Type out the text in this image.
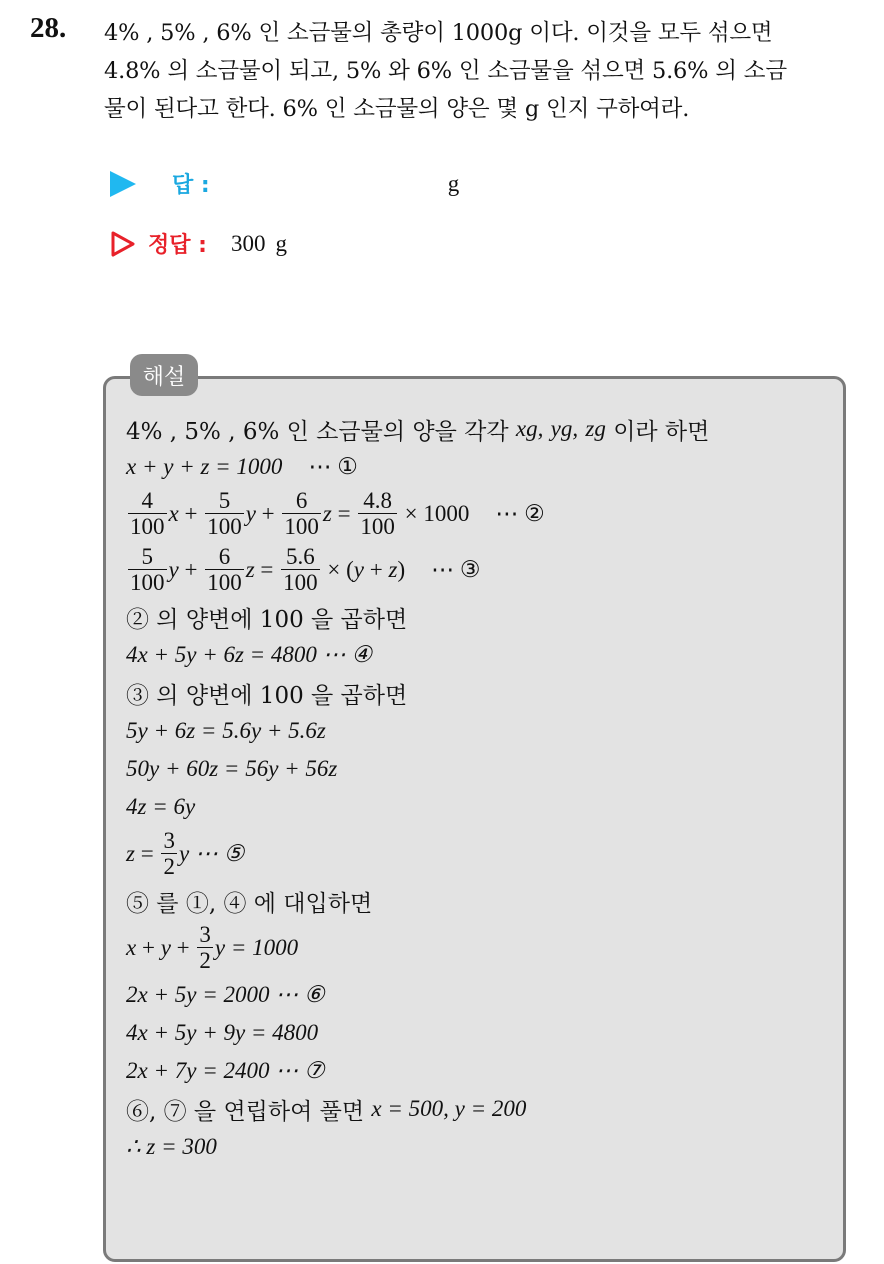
28. 4% , 5% , 6% 인 소금물의 총량이 1000g 이다. 이것을 모두 섞으면
4.8% 의 소금물이 되고, 5% 와 6% 인 소금물을 섞으면 5.6% 의 소금
물이 된다고 한다. 6% 인 소금물의 양은 몇 g 인지 구하여라.
답 :	g
정답 : 300 g
해설
4% , 5% , 6% 인 소금물의 양을 각각
xg,
yg,
zg
이라 하면
x + y + z = 1000 ⋯ ①
$\frac{4}{100}$ $x + \frac{5}{100}$ $y + \frac{6}{100}$ $z = \frac{4.8}{100} \times 1000$ ⋯ ②
$\frac{5}{100}$ $y + \frac{6}{100}$ $z = \frac{5.6}{100}$ × ( y + z ) ⋯ ③
② 의 양변에 100 을 곱하면
4x + 5y + 6z = 4800 ⋯ ④
③ 의 양변에 100 을 곱하면
5y + 6z = 5.6y + 5.6z
50y + 60z = 56y + 56z
4z = 6y
$z = \frac{3}{2}$ y ⋯ ⑤
⑤ 를 ①, ④ 에 대입하면
$x + y + \frac{3}{2}$ y = 1000
2x + 5y = 2000 ⋯ ⑥
4x + 5y + 9y = 4800
2x + 7y = 2400 ⋯ ⑦
⑥, ⑦ 을 연립하여 풀면
x = 500, y = 200
∴ z = 300
